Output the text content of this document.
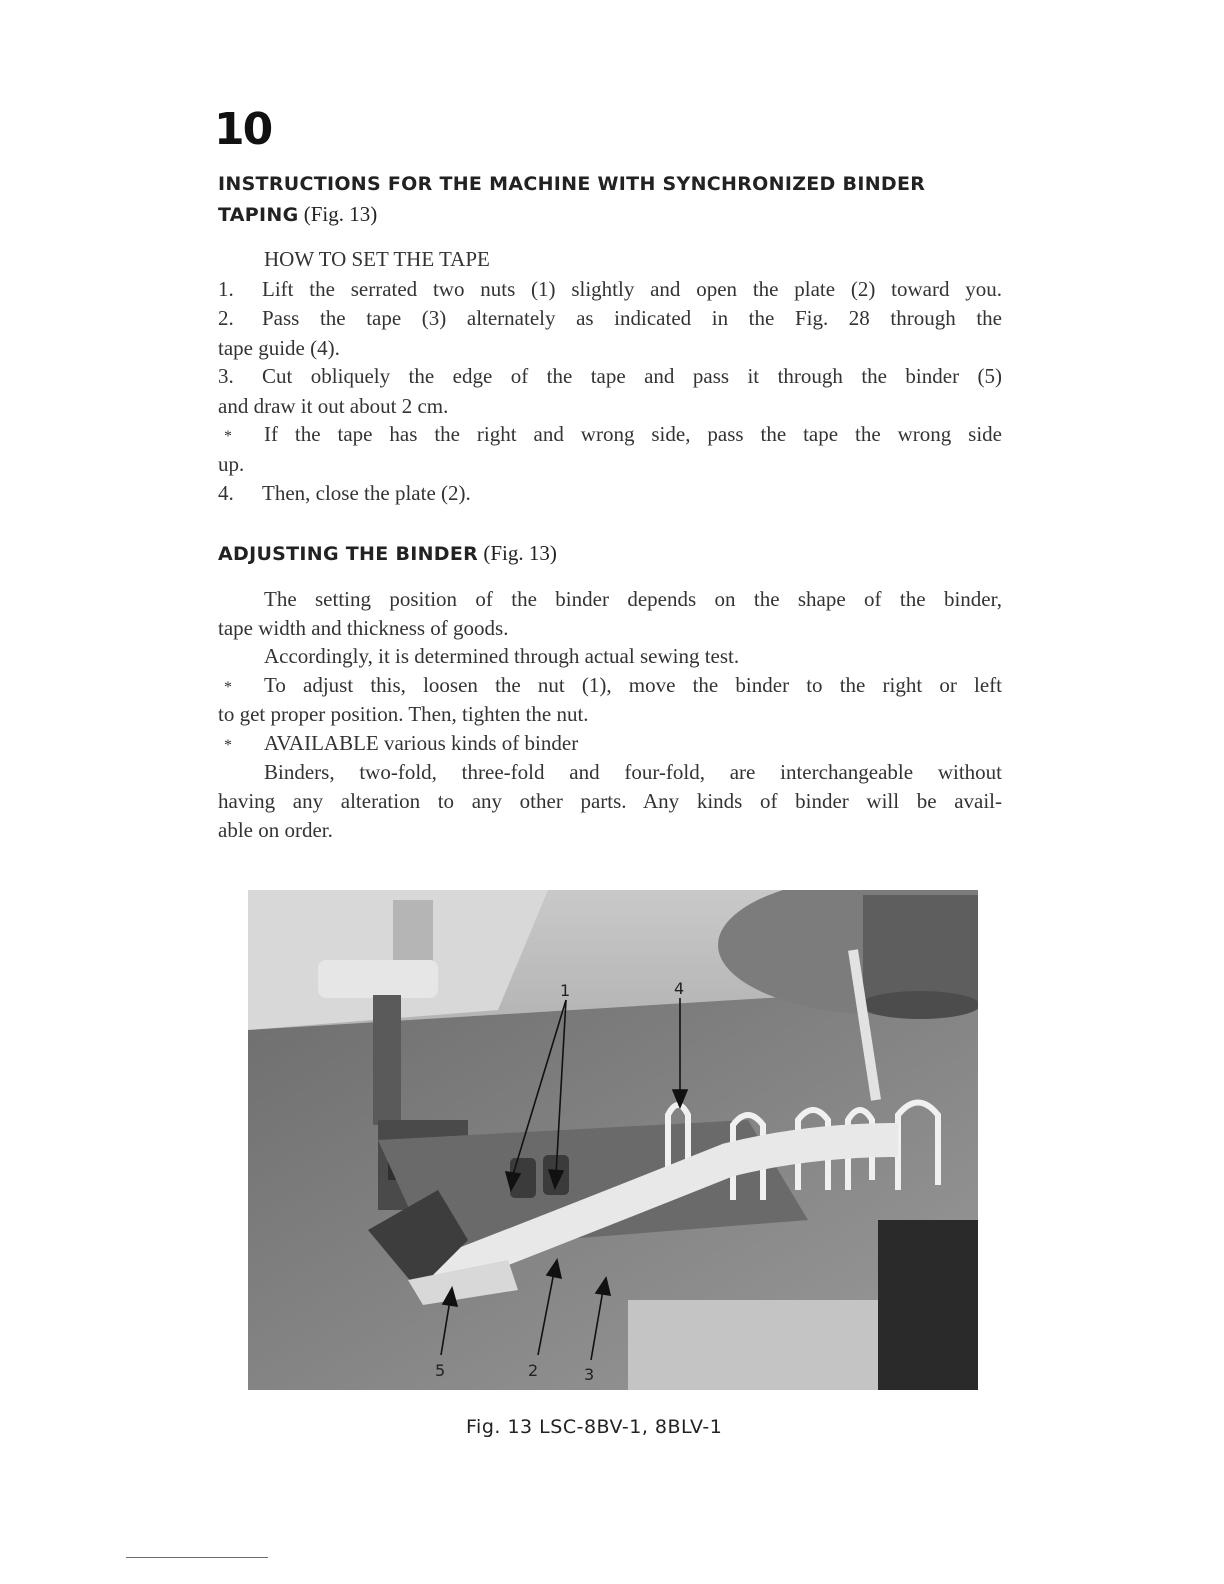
10
INSTRUCTIONS FOR THE MACHINE WITH SYNCHRONIZED BINDER
TAPING (Fig. 13)
HOW TO SET THE TAPE
1. Lift the serrated two nuts (1) slightly and open the plate (2) toward you.
2. Pass the tape (3) alternately as indicated in the Fig. 28 through the
tape guide (4).
3. Cut obliquely the edge of the tape and pass it through the binder (5)
and draw it out about 2 cm.
* If the tape has the right and wrong side, pass the tape the wrong side
up.
4. Then, close the plate (2).
ADJUSTING THE BINDER (Fig. 13)
The setting position of the binder depends on the shape of the binder,
tape width and thickness of goods.
Accordingly, it is determined through actual sewing test.
* To adjust this, loosen the nut (1), move the binder to the right or left
to get proper position. Then, tighten the nut.
* AVAILABLE various kinds of binder
Binders, two-fold, three-fold and four-fold, are interchangeable without
having any alteration to any other parts. Any kinds of binder will be avail-
able on order.
1	4
5	2	3
Fig. 13 LSC-8BV-1, 8BLV-1
